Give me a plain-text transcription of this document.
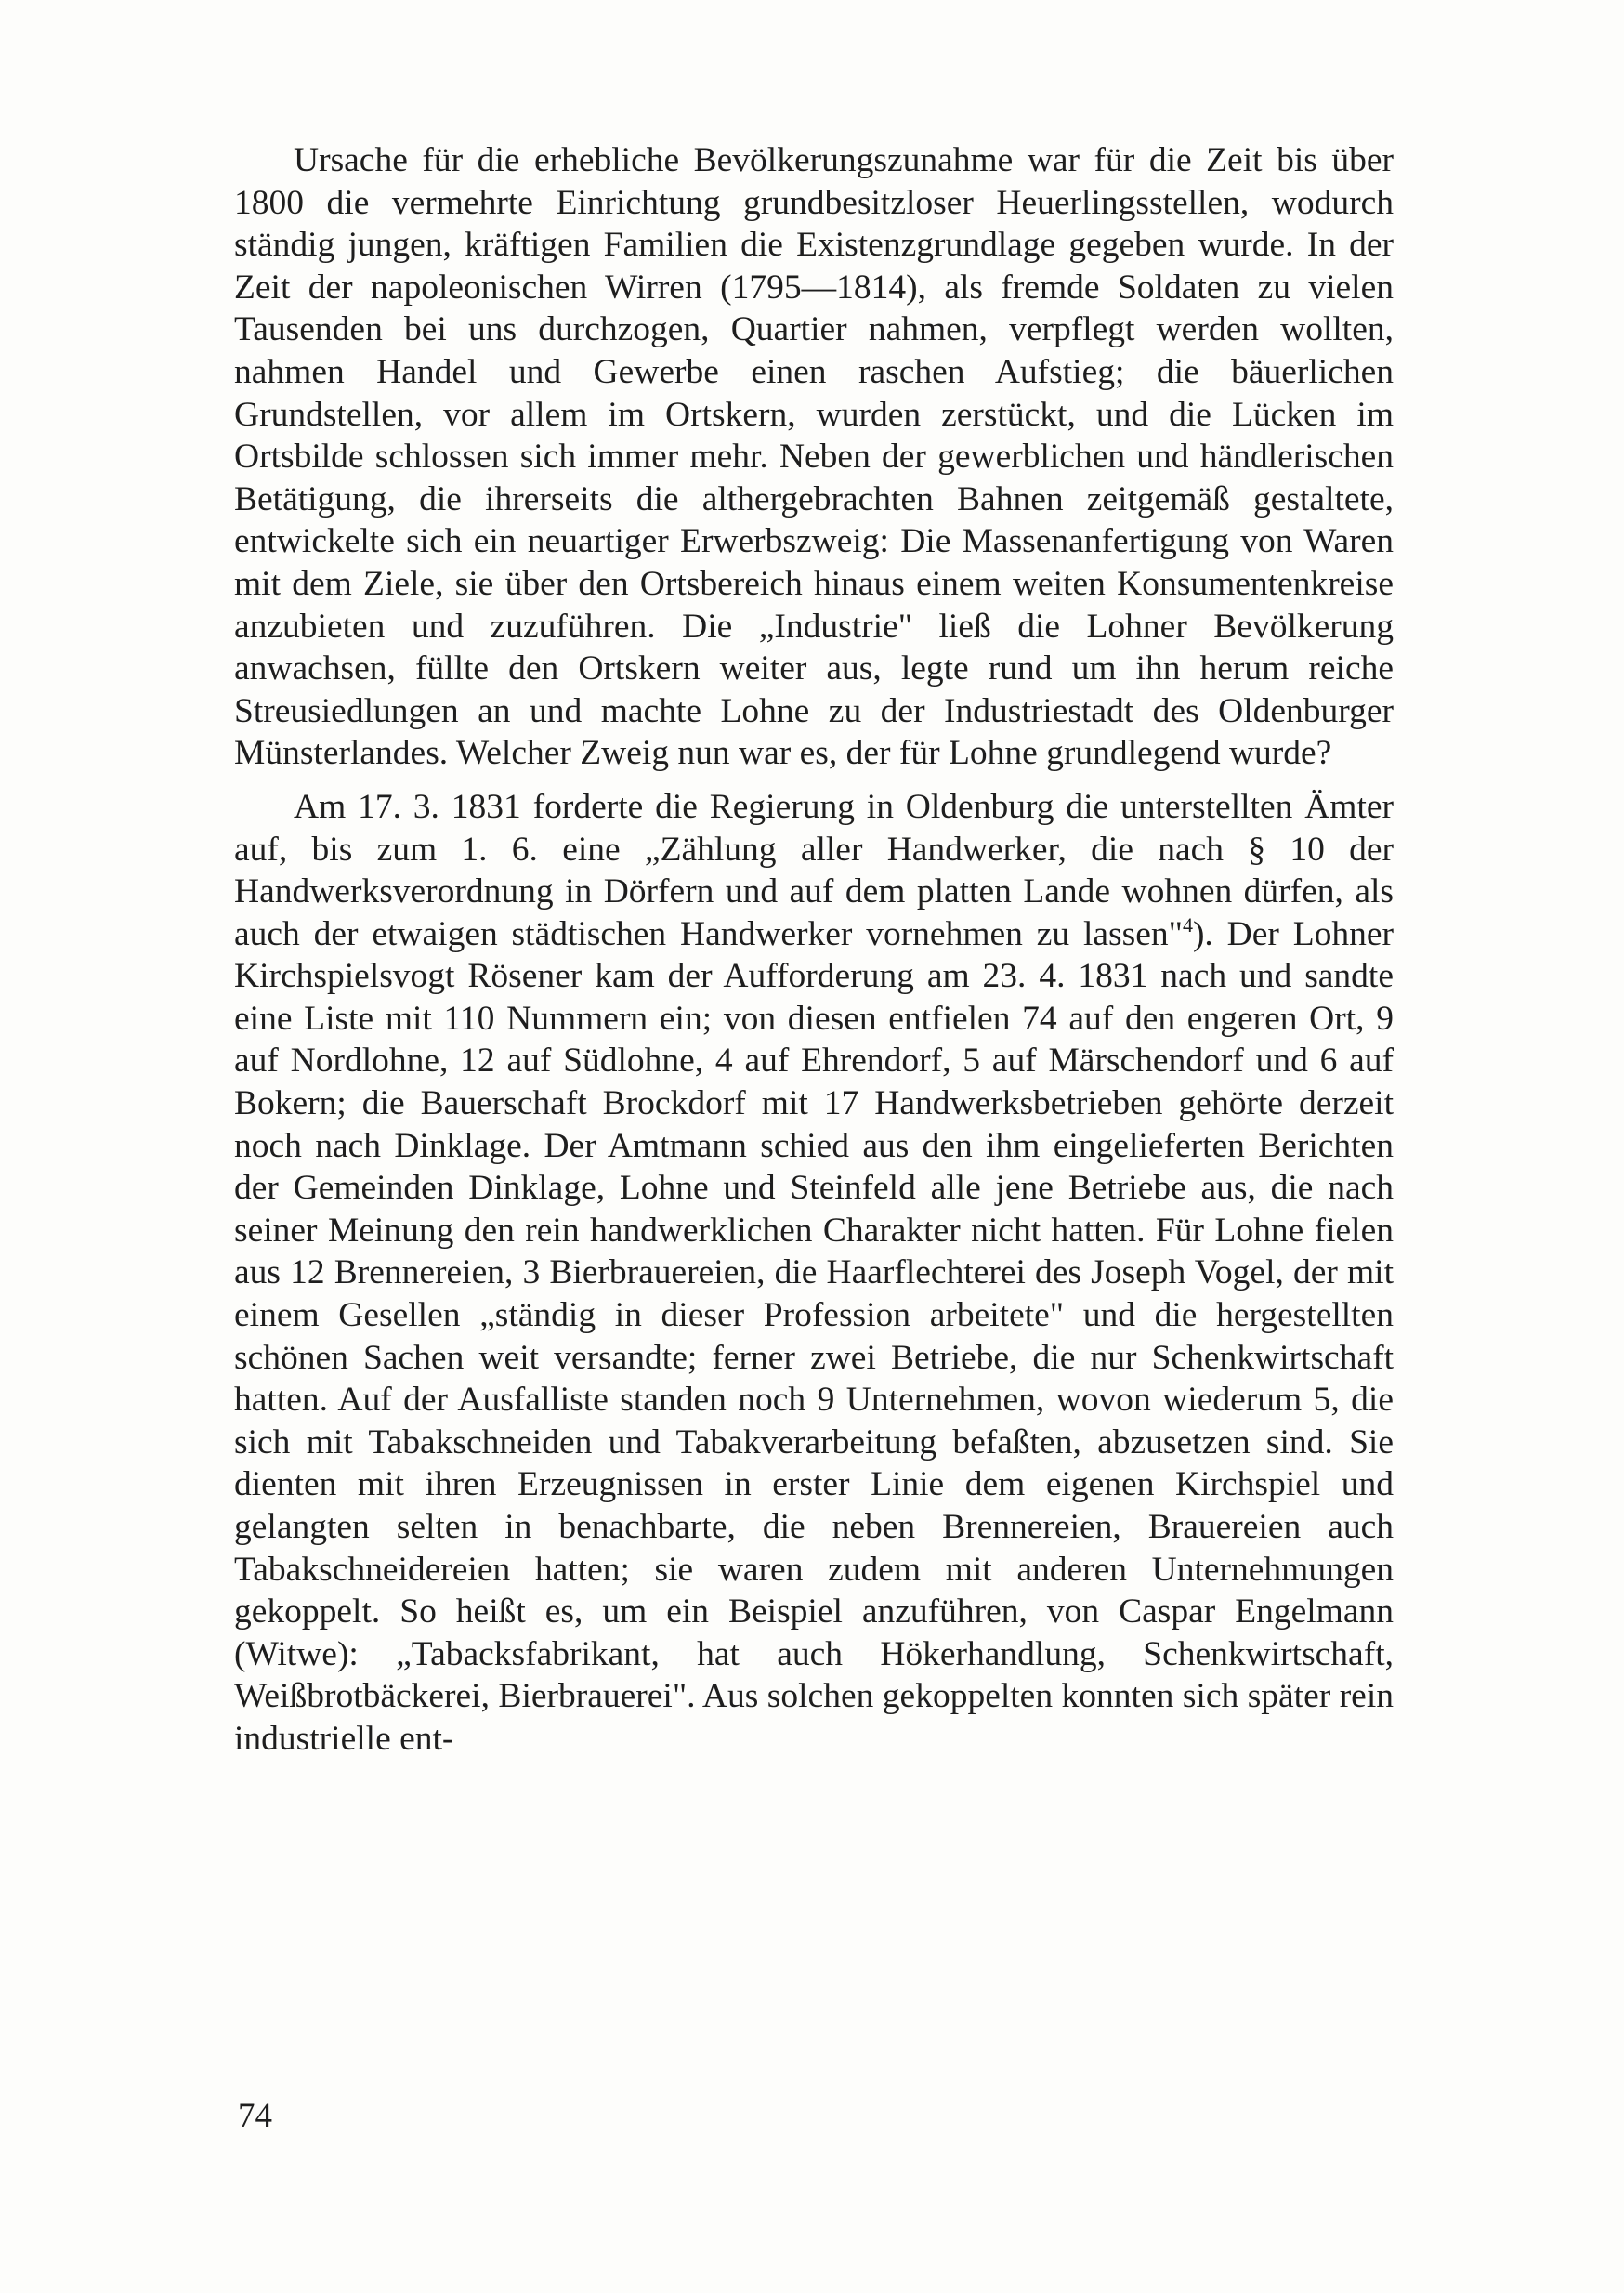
Ursache für die erhebliche Bevölkerungszunahme war für die Zeit bis über 1800 die vermehrte Einrichtung grundbesitzloser Heuerlingsstellen, wodurch ständig jungen, kräftigen Familien die Existenzgrundlage gegeben wurde. In der Zeit der napoleonischen Wirren (1795—1814), als fremde Soldaten zu vielen Tausenden bei uns durchzogen, Quartier nahmen, verpflegt werden wollten, nahmen Handel und Gewerbe einen raschen Aufstieg; die bäuerlichen Grundstellen, vor allem im Ortskern, wurden zerstückt, und die Lücken im Ortsbilde schlossen sich immer mehr. Neben der gewerblichen und händlerischen Betätigung, die ihrerseits die althergebrachten Bahnen zeitgemäß gestaltete, entwickelte sich ein neuartiger Erwerbszweig: Die Massenanfertigung von Waren mit dem Ziele, sie über den Ortsbereich hinaus einem weiten Konsumentenkreise anzubieten und zuzuführen. Die „Industrie" ließ die Lohner Bevölkerung anwachsen, füllte den Ortskern weiter aus, legte rund um ihn herum reiche Streusiedlungen an und machte Lohne zu der Industriestadt des Oldenburger Münsterlandes. Welcher Zweig nun war es, der für Lohne grundlegend wurde?

Am 17. 3. 1831 forderte die Regierung in Oldenburg die unterstellten Ämter auf, bis zum 1. 6. eine „Zählung aller Handwerker, die nach § 10 der Handwerksverordnung in Dörfern und auf dem platten Lande wohnen dürfen, als auch der etwaigen städtischen Handwerker vornehmen zu lassen"$^4$). Der Lohner Kirchspielsvogt Rösener kam der Aufforderung am 23. 4. 1831 nach und sandte eine Liste mit 110 Nummern ein; von diesen entfielen 74 auf den engeren Ort, 9 auf Nordlohne, 12 auf Südlohne, 4 auf Ehrendorf, 5 auf Märschendorf und 6 auf Bokern; die Bauerschaft Brockdorf mit 17 Handwerksbetrieben gehörte derzeit noch nach Dinklage. Der Amtmann schied aus den ihm eingelieferten Berichten der Gemeinden Dinklage, Lohne und Steinfeld alle jene Betriebe aus, die nach seiner Meinung den rein handwerklichen Charakter nicht hatten. Für Lohne fielen aus 12 Brennereien, 3 Bierbrauereien, die Haarflechterei des Joseph Vogel, der mit einem Gesellen „ständig in dieser Profession arbeitete" und die hergestellten schönen Sachen weit versandte; ferner zwei Betriebe, die nur Schenkwirtschaft hatten. Auf der Ausfalliste standen noch 9 Unternehmen, wovon wiederum 5, die sich mit Tabakschneiden und Tabakverarbeitung befaßten, abzusetzen sind. Sie dienten mit ihren Erzeugnissen in erster Linie dem eigenen Kirchspiel und gelangten selten in benachbarte, die neben Brennereien, Brauereien auch Tabakschneidereien hatten; sie waren zudem mit anderen Unternehmungen gekoppelt. So heißt es, um ein Beispiel anzuführen, von Caspar Engelmann (Witwe): „Tabacksfabrikant, hat auch Hökerhandlung, Schenkwirtschaft, Weißbrotbäckerei, Bierbrauerei". Aus solchen gekoppelten konnten sich später rein industrielle ent-

74
